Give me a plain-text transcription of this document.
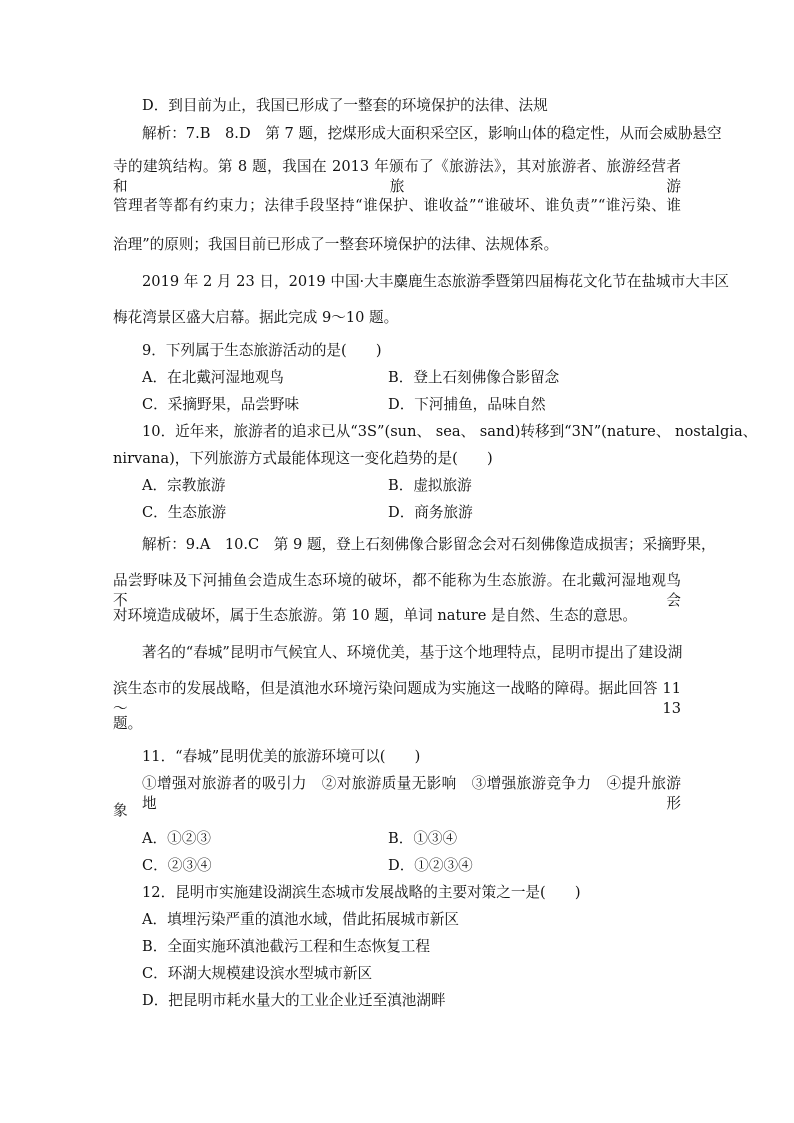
D．到目前为止，我国已形成了一整套的环境保护的法律、法规
解析：7.B　8.D　第 7 题，挖煤形成大面积采空区，影响山体的稳定性，从而会威胁悬空
寺的建筑结构。第 8 题，我国在 2013 年颁布了《旅游法》，其对旅游者、旅游经营者和旅游
管理者等都有约束力；法律手段坚持“谁保护、谁收益”“谁破坏、谁负责”“谁污染、谁
治理”的原则；我国目前已形成了一整套环境保护的法律、法规体系。
2019 年 2 月 23 日，2019 中国·大丰麋鹿生态旅游季暨第四届梅花文化节在盐城市大丰区
梅花湾景区盛大启幕。据此完成 9～10 题。
9．下列属于生态旅游活动的是(　　)
A．在北戴河湿地观鸟	B．登上石刻佛像合影留念
C．采摘野果，品尝野味	D．下河捕鱼，品味自然
10．近年来，旅游者的追求已从“3S”(sun、 sea、 sand)转移到“3N”(nature、 nostalgia、
nirvana)，下列旅游方式最能体现这一变化趋势的是(　　)
A．宗教旅游	B．虚拟旅游
C．生态旅游	D．商务旅游
解析：9.A　10.C　第 9 题，登上石刻佛像合影留念会对石刻佛像造成损害；采摘野果，
品尝野味及下河捕鱼会造成生态环境的破坏，都不能称为生态旅游。在北戴河湿地观鸟不会
对环境造成破坏，属于生态旅游。第 10 题，单词 nature 是自然、生态的意思。
著名的“春城”昆明市气候宜人、环境优美，基于这个地理特点，昆明市提出了建设湖
滨生态市的发展战略，但是滇池水环境污染问题成为实施这一战略的障碍。据此回答 11～13
题。
11．“春城”昆明优美的旅游环境可以(　　)
①增强对旅游者的吸引力　②对旅游质量无影响　③增强旅游竞争力　④提升旅游地形
象
A．①②③	B．①③④
C．②③④	D．①②③④
12．昆明市实施建设湖滨生态城市发展战略的主要对策之一是(　　)
A．填埋污染严重的滇池水域，借此拓展城市新区
B．全面实施环滇池截污工程和生态恢复工程
C．环湖大规模建设滨水型城市新区
D．把昆明市耗水量大的工业企业迁至滇池湖畔
